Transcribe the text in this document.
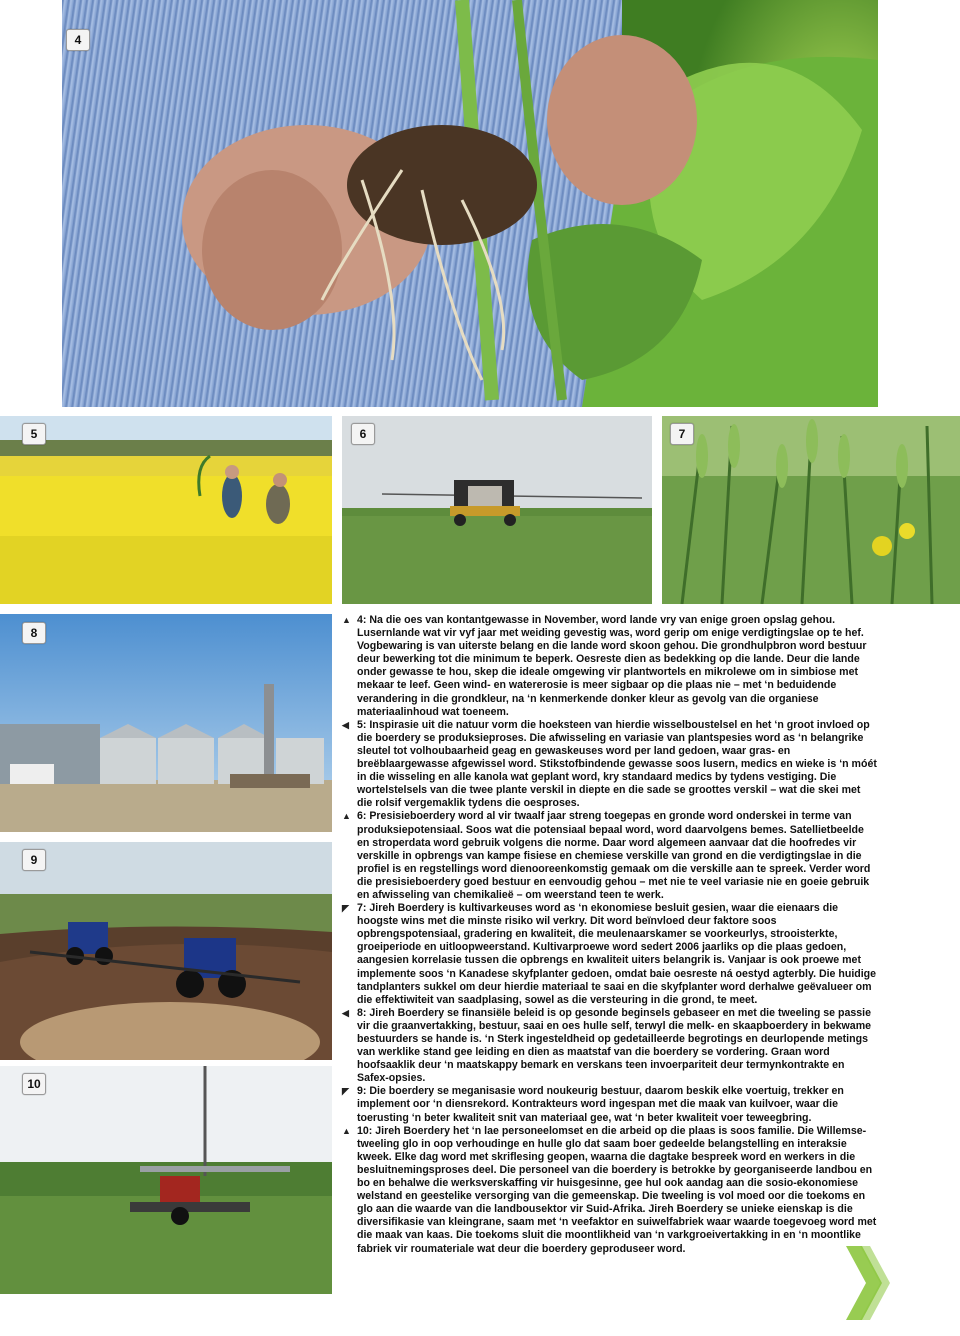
4
5	6	7
8
9
10

▲ 4: Na die oes van kontantgewasse in November, word lande vry van enige groen opslag gehou. Lusernlande wat vir vyf jaar met weiding gevestig was, word gerip om enige verdigtingslae op te hef. Vogbewaring is van uiterste belang en die lande word skoon gehou. Die grondhulpbron word bestuur deur bewerking tot die minimum te beperk. Oesreste dien as bedekking op die lande. Deur die lande onder gewasse te hou, skep die ideale omgewing vir plantwortels en mikrolewe om in simbiose met mekaar te leef. Geen wind- en watererosie is meer sigbaar op die plaas nie – met ‘n beduidende verandering in die grondkleur, na ‘n kenmerkende donker kleur as gevolg van die organiese materiaalinhoud wat toeneem.

◀ 5: Inspirasie uit die natuur vorm die hoeksteen van hierdie wisselboustelsel en het ‘n groot invloed op die boerdery se produksieproses. Die afwisseling en variasie van plantspesies word as ‘n belangrike sleutel tot volhoubaarheid geag en gewaskeuses word per land gedoen, waar gras- en breëblaargewasse afgewissel word. Stikstofbindende gewasse soos lusern, medics en wieke is ‘n móét in die wisseling en alle kanola wat geplant word, kry standaard medics by tydens vestiging. Die wortelstelsels van die twee plante verskil in diepte en die sade se groottes verskil – wat die skei met die rolsif vergemaklik tydens die oesproses.

▲ 6: Presisieboerdery word al vir twaalf jaar streng toegepas en gronde word onderskei in terme van produksiepotensiaal. Soos wat die potensiaal bepaal word, word daarvolgens bemes. Satellietbeelde en stroperdata word gebruik volgens die norme. Daar word algemeen aanvaar dat die hoofredes vir verskille in opbrengs van kampe fisiese en chemiese verskille van grond en die verdigtingslae in die profiel is en regstellings word dienooreenkomstig gemaak om die verskille aan te spreek. Verder word die presisieboerdery goed bestuur en eenvoudig gehou – met nie te veel variasie nie en goeie gebruik en afwisseling van chemikalieë – om weerstand teen te werk.

◤ 7: Jireh Boerdery is kultivarkeuses word as ‘n ekonomiese besluit gesien, waar die eienaars die hoogste wins met die minste risiko wil verkry. Dit word beïnvloed deur faktore soos opbrengspotensiaal, gradering en kwaliteit, die meulenaarskamer se voorkeurlys, strooisterkte, groeiperiode en uitloopweerstand. Kultivarproewe word sedert 2006 jaarliks op die plaas gedoen, aangesien korrelasie tussen die opbrengs en kwaliteit uiters belangrik is. Vanjaar is ook proewe met implemente soos ‘n Kanadese skyfplanter gedoen, omdat baie oesreste ná oestyd agterbly. Die huidige tandplanters sukkel om deur hierdie materiaal te saai en die skyfplanter word derhalwe geëvalueer om die effektiwiteit van saadplasing, sowel as die versteuring in die grond, te meet.

◀ 8: Jireh Boerdery se finansiële beleid is op gesonde beginsels gebaseer en met die tweeling se passie vir die graanvertakking, bestuur, saai en oes hulle self, terwyl die melk- en skaapboerdery in bekwame bestuurders se hande is. ‘n Sterk ingesteldheid op gedetailleerde begrotings en deurlopende metings van werklike stand gee leiding en dien as maatstaf van die boerdery se vordering. Graan word hoofsaaklik deur ‘n maatskappy bemark en verskans teen invoerpariteit deur termynkontrakte en Safex-opsies.

◤ 9: Die boerdery se meganisasie word noukeurig bestuur, daarom beskik elke voertuig, trekker en implement oor ‘n diensrekord. Kontrakteurs word ingespan met die maak van kuilvoer, waar die toerusting ‘n beter kwaliteit snit van materiaal gee, wat ‘n beter kwaliteit voer teweegbring.

▲ 10: Jireh Boerdery het ‘n lae personeelomset en die arbeid op die plaas is soos familie. Die Willemse-tweeling glo in oop verhoudinge en hulle glo dat saam boer gedeelde belangstelling en interaksie kweek. Elke dag word met skriflesing geopen, waarna die dagtake bespreek word en werkers in die besluitnemingsproses deel. Die personeel van die boerdery is betrokke by georganiseerde landbou en bo en behalwe die werksverskaffing vir huisgesinne, gee hul ook aandag aan die sosio-ekonomiese welstand en geestelike versorging van die gemeenskap. Die tweeling is vol moed oor die toekoms en glo aan die waarde van die landbousektor vir Suid-Afrika. Jireh Boerdery se unieke eienskap is die diversifikasie van kleingrane, saam met ‘n veefaktor en suiwelfabriek waar waarde toegevoeg word met die maak van kaas. Die toekoms sluit die moontlikheid van ‘n varkgroeivertakking in en ‘n moontlike fabriek vir roumateriale wat deur die boerdery geproduseer word.
